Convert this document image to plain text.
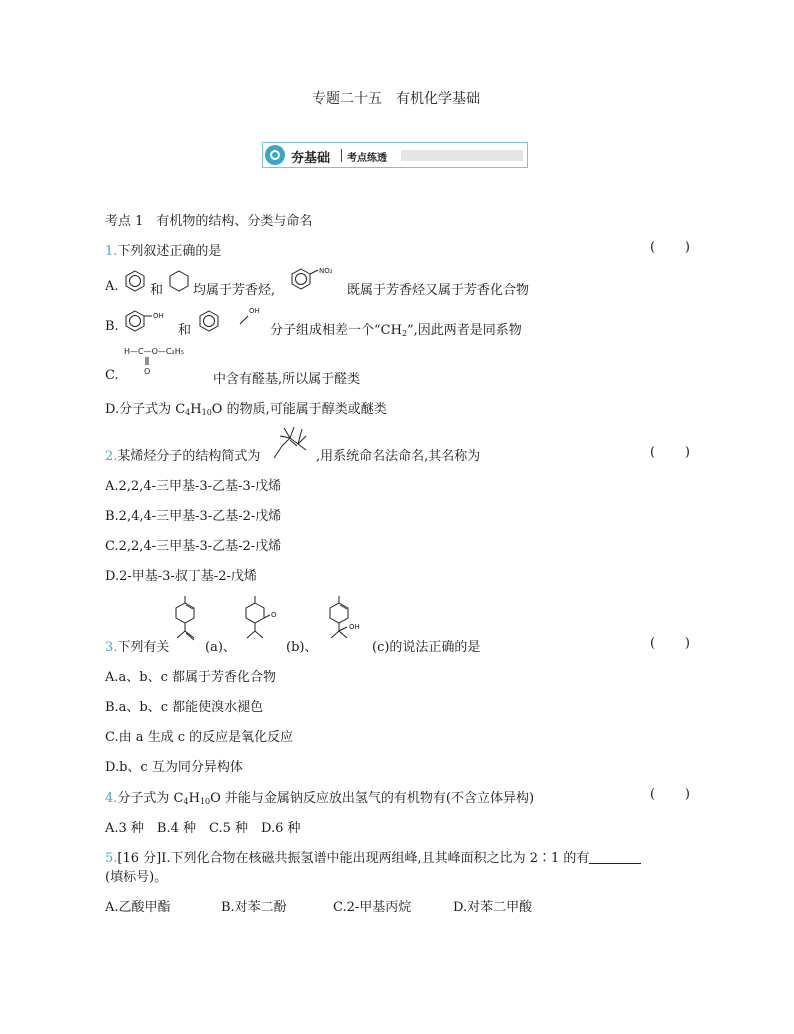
专题二十五　有机化学基础
夯基础 考点练透
考点 1　有机物的结构、分类与命名
1.下列叙述正确的是	( )
A. 和 均属于芳香烃,
NO₂
既属于芳香烃又属于芳香化合物
B.
OH
和
OH
分子组成相差一个“$CH_2$”,因此两者是同系物
H—C—O—C₂H₅
O
C.	中含有醛基,所以属于醛类
D.分子式为 $C_4H_{10}O$ 的物质,可能属于醇类或醚类
2.某烯烃分子的结构简式为	,用系统命名法命名,其名称为	( )
A.2,2,4-三甲基-3-乙基-3-戊烯
B.2,4,4-三甲基-3-乙基-2-戊烯
C.2,2,4-三甲基-3-乙基-2-戊烯
D.2-甲基-3-叔丁基-2-戊烯
3.下列有关	(a)、
O
(b)、
OH
(c)的说法正确的是	( )
A.a、b、c 都属于芳香化合物
B.a、b、c 都能使溴水褪色
C.由 a 生成 c 的反应是氧化反应
D.b、c 互为同分异构体
4.分子式为 $C_4H_{10}O$ 并能与金属钠反应放出氢气的有机物有(不含立体异构)	( )
A.3 种　B.4 种　C.5 种　D.6 种
5.[16 分]Ⅰ.下列化合物在核磁共振氢谱中能出现两组峰,且其峰面积之比为 2∶1 的有
(填标号)。
A.乙酸甲酯	B.对苯二酚	C.2-甲基丙烷	D.对苯二甲酸
